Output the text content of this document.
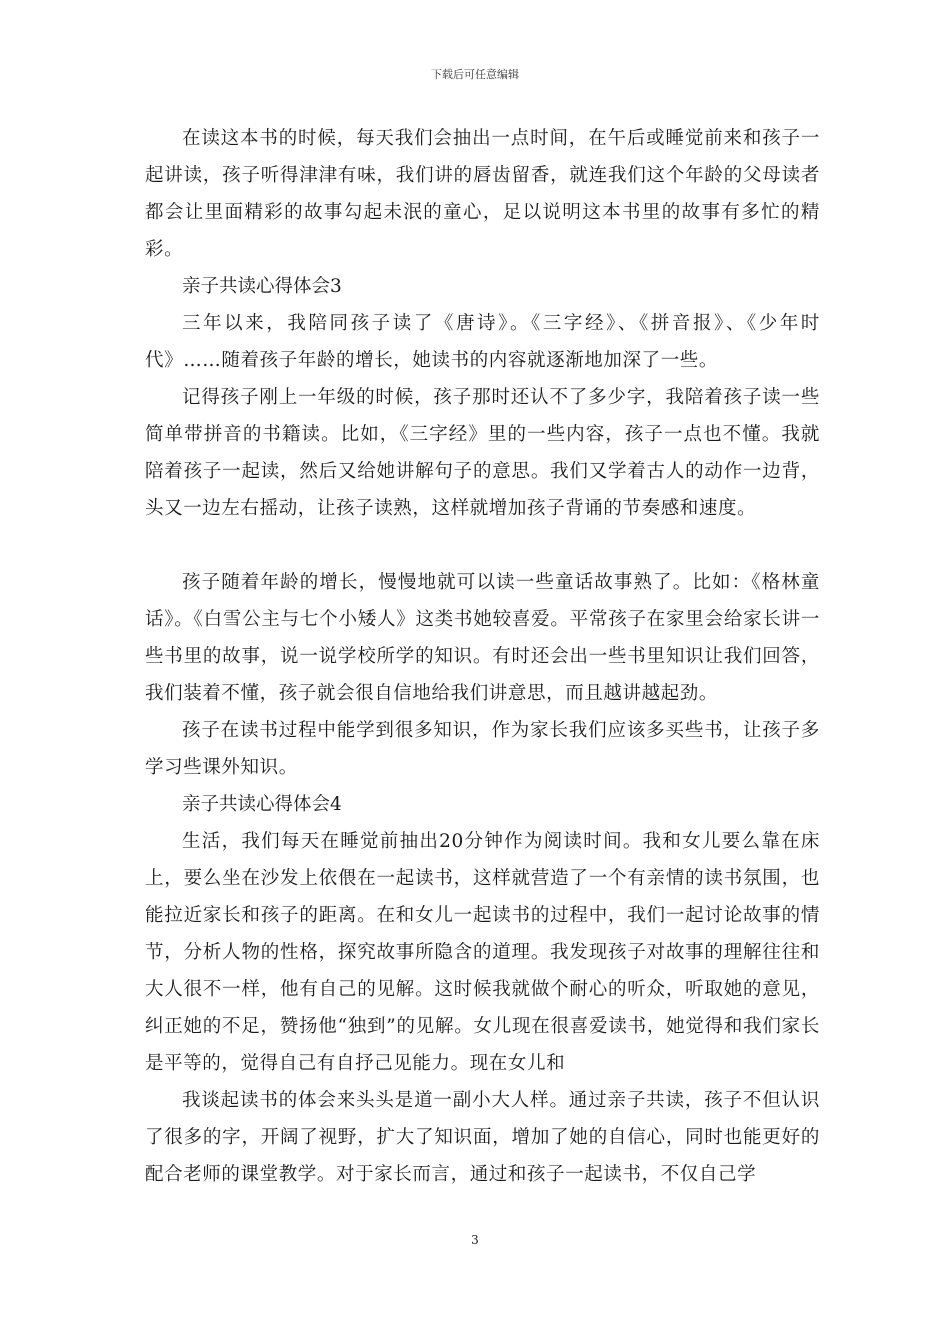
下载后可任意编辑

在读这本书的时候，每天我们会抽出一点时间，在午后或睡觉前来和孩子一起讲读，孩子听得津津有味，我们讲的唇齿留香，就连我们这个年龄的父母读者都会让里面精彩的故事勾起未泯的童心，足以说明这本书里的故事有多忙的精彩。

亲子共读心得体会3

三年以来，我陪同孩子读了《唐诗》。《三字经》、《拼音报》、《少年时代》……随着孩子年龄的增长，她读书的内容就逐渐地加深了一些。

记得孩子刚上一年级的时候，孩子那时还认不了多少字，我陪着孩子读一些简单带拼音的书籍读。比如，《三字经》里的一些内容，孩子一点也不懂。我就陪着孩子一起读，然后又给她讲解句子的意思。我们又学着古人的动作一边背，头又一边左右摇动，让孩子读熟，这样就增加孩子背诵的节奏感和速度。

孩子随着年龄的增长，慢慢地就可以读一些童话故事熟了。比如：《格林童话》。《白雪公主与七个小矮人》这类书她较喜爱。平常孩子在家里会给家长讲一些书里的故事，说一说学校所学的知识。有时还会出一些书里知识让我们回答，我们装着不懂，孩子就会很自信地给我们讲意思，而且越讲越起劲。

孩子在读书过程中能学到很多知识，作为家长我们应该多买些书，让孩子多学习些课外知识。

亲子共读心得体会4

生活，我们每天在睡觉前抽出20分钟作为阅读时间。我和女儿要么靠在床上，要么坐在沙发上依偎在一起读书，这样就营造了一个有亲情的读书氛围，也能拉近家长和孩子的距离。在和女儿一起读书的过程中，我们一起讨论故事的情节，分析人物的性格，探究故事所隐含的道理。我发现孩子对故事的理解往往和大人很不一样，他有自己的见解。这时候我就做个耐心的听众，听取她的意见，纠正她的不足，赞扬他“独到”的见解。女儿现在很喜爱读书，她觉得和我们家长是平等的，觉得自己有自抒己见能力。现在女儿和

我谈起读书的体会来头头是道一副小大人样。通过亲子共读，孩子不但认识了很多的字，开阔了视野，扩大了知识面，增加了她的自信心，同时也能更好的配合老师的课堂教学。对于家长而言，通过和孩子一起读书，不仅自己学

3
